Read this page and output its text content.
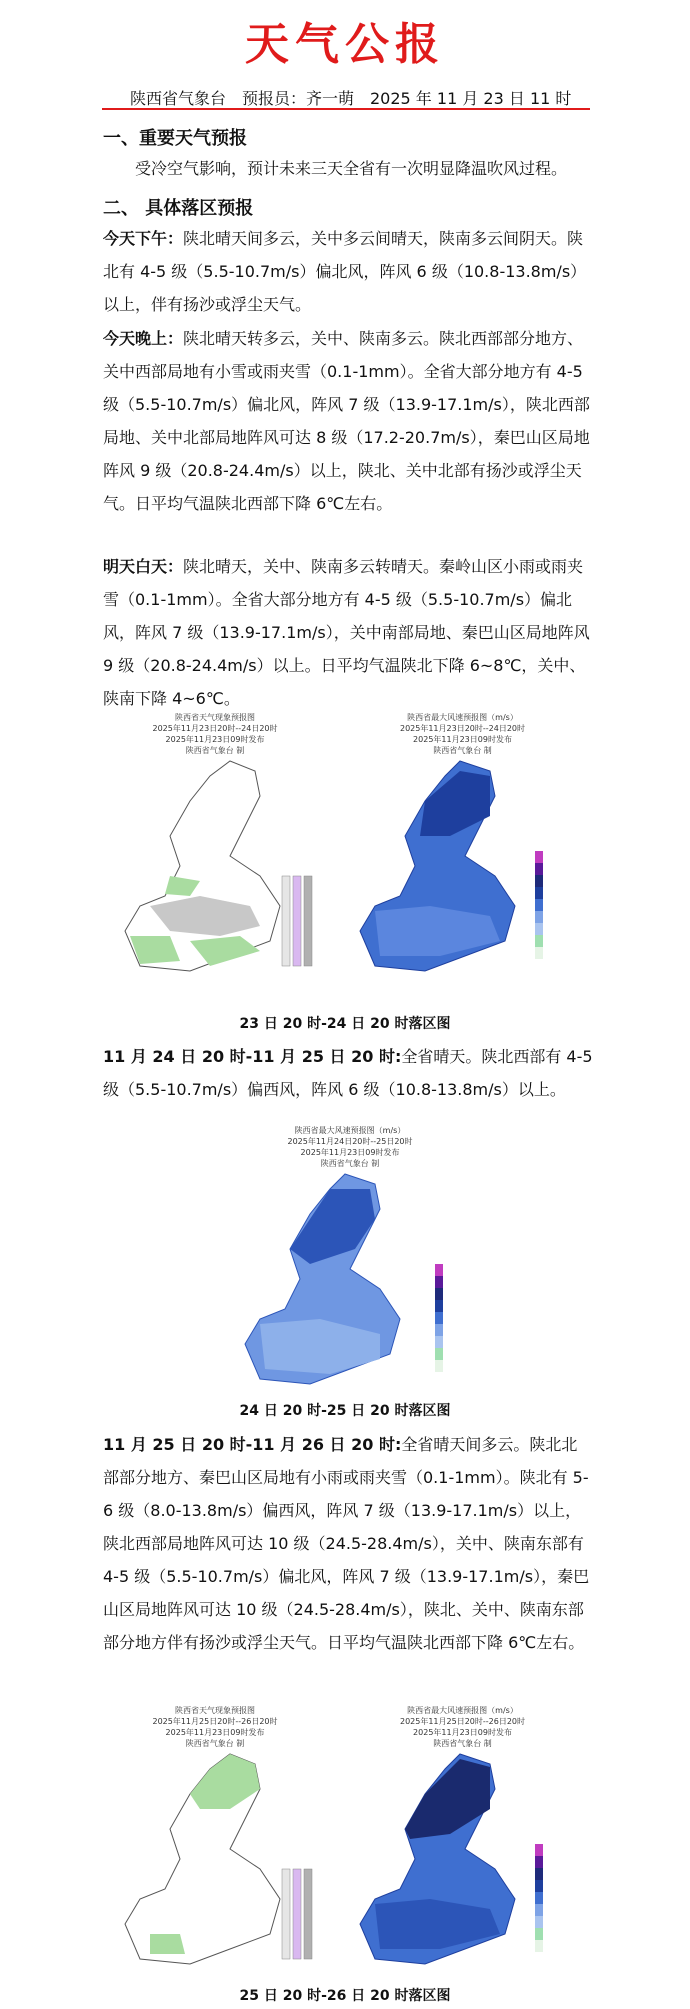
天气公报
陕西省气象台　预报员：齐一萌　2025 年 11 月 23 日 11 时
一、重要天气预报
受冷空气影响，预计未来三天全省有一次明显降温吹风过程。
二、 具体落区预报
今天下午：陕北晴天间多云，关中多云间晴天，陕南多云间阴天。陕北有 4-5 级（5.5-10.7m/s）偏北风，阵风 6 级（10.8-13.8m/s）以上，伴有扬沙或浮尘天气。
今天晚上：陕北晴天转多云，关中、陕南多云。陕北西部部分地方、关中西部局地有小雪或雨夹雪（0.1-1mm）。全省大部分地方有 4-5 级（5.5-10.7m/s）偏北风，阵风 7 级（13.9-17.1m/s），陕北西部局地、关中北部局地阵风可达 8 级（17.2-20.7m/s），秦巴山区局地阵风 9 级（20.8-24.4m/s）以上，陕北、关中北部有扬沙或浮尘天气。日平均气温陕北西部下降 6℃左右。
明天白天：陕北晴天，关中、陕南多云转晴天。秦岭山区小雨或雨夹雪（0.1-1mm）。全省大部分地方有 4-5 级（5.5-10.7m/s）偏北风，阵风 7 级（13.9-17.1m/s），关中南部局地、秦巴山区局地阵风 9 级（20.8-24.4m/s）以上。日平均气温陕北下降 6~8℃，关中、陕南下降 4~6℃。
陕西省天气现象预报图
2025年11月23日20时--24日20时
2025年11月23日09时发布
陕西省气象台 制
陕西省最大风速预报图（m/s）
2025年11月23日20时--24日20时
2025年11月23日09时发布
陕西省气象台 制
23 日 20 时-24 日 20 时落区图
11 月 24 日 20 时-11 月 25 日 20 时:全省晴天。陕北西部有 4-5 级（5.5-10.7m/s）偏西风，阵风 6 级（10.8-13.8m/s）以上。
陕西省最大风速预报图（m/s）
2025年11月24日20时--25日20时
2025年11月23日09时发布
陕西省气象台 制
24 日 20 时-25 日 20 时落区图
11 月 25 日 20 时-11 月 26 日 20 时:全省晴天间多云。陕北北部部分地方、秦巴山区局地有小雨或雨夹雪（0.1-1mm）。陕北有 5-6 级（8.0-13.8m/s）偏西风，阵风 7 级（13.9-17.1m/s）以上，陕北西部局地阵风可达 10 级（24.5-28.4m/s），关中、陕南东部有 4-5 级（5.5-10.7m/s）偏北风，阵风 7 级（13.9-17.1m/s），秦巴山区局地阵风可达 10 级（24.5-28.4m/s），陕北、关中、陕南东部部分地方伴有扬沙或浮尘天气。日平均气温陕北西部下降 6℃左右。
陕西省天气现象预报图
2025年11月25日20时--26日20时
2025年11月23日09时发布
陕西省气象台 制
陕西省最大风速预报图（m/s）
2025年11月25日20时--26日20时
2025年11月23日09时发布
陕西省气象台 制
25 日 20 时-26 日 20 时落区图
